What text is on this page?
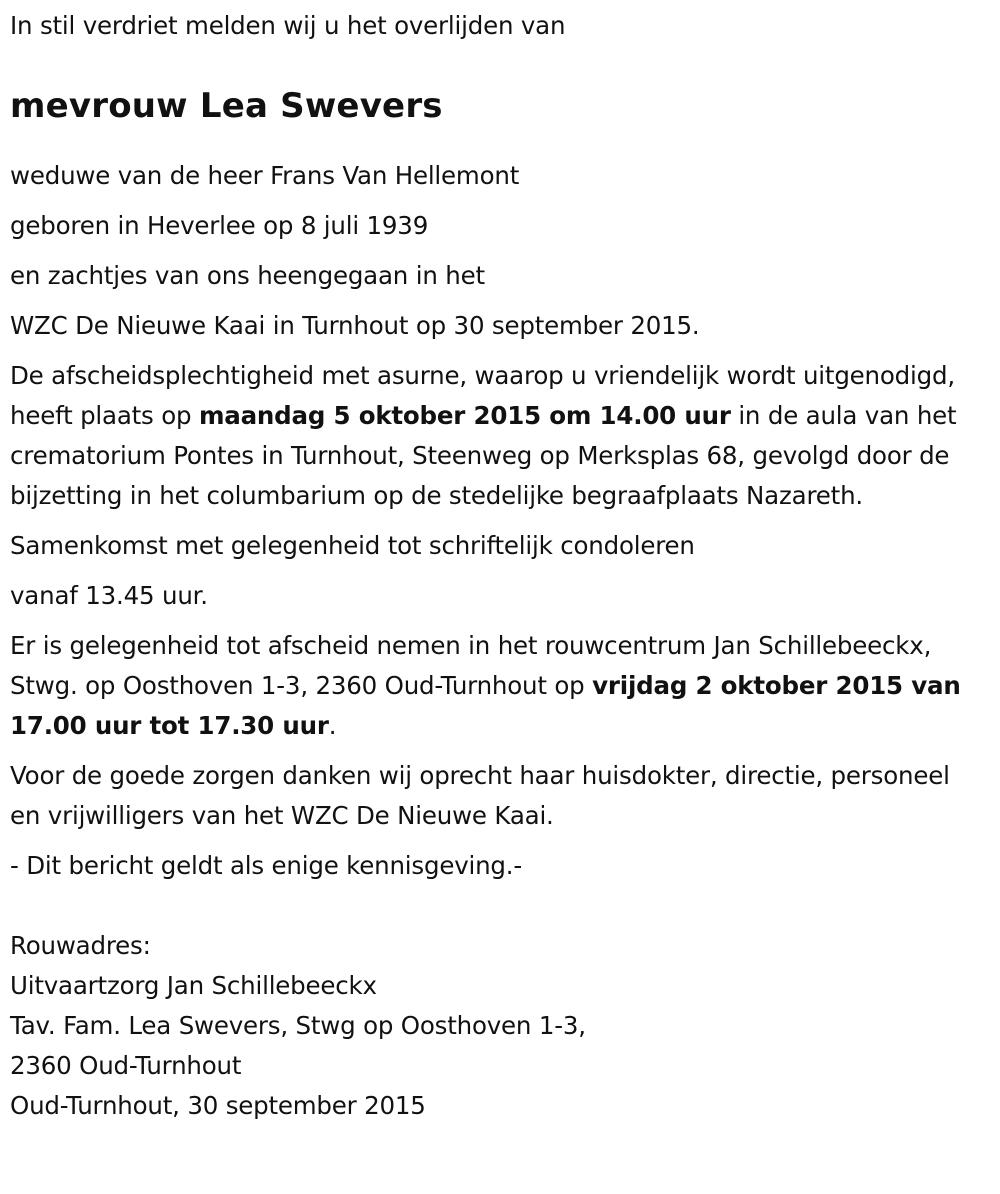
In stil verdriet melden wij u het overlijden van

mevrouw Lea Swevers

weduwe van de heer Frans Van Hellemont

geboren in Heverlee op 8 juli 1939

en zachtjes van ons heengegaan in het

WZC De Nieuwe Kaai in Turnhout op 30 september 2015.

De afscheidsplechtigheid met asurne, waarop u vriendelijk wordt uitgenodigd, heeft plaats op maandag 5 oktober 2015 om 14.00 uur in de aula van het crematorium Pontes in Turnhout, Steenweg op Merksplas 68, gevolgd door de bijzetting in het columbarium op de stedelijke begraafplaats Nazareth.

Samenkomst met gelegenheid tot schriftelijk condoleren

vanaf 13.45 uur.

Er is gelegenheid tot afscheid nemen in het rouwcentrum Jan Schillebeeckx, Stwg. op Oosthoven 1-3, 2360 Oud-Turnhout op vrijdag 2 oktober 2015 van 17.00 uur tot 17.30 uur.

Voor de goede zorgen danken wij oprecht haar huisdokter, directie, personeel en vrijwilligers van het WZC De Nieuwe Kaai.

- Dit bericht geldt als enige kennisgeving.-

Rouwadres:

Uitvaartzorg Jan Schillebeeckx

Tav. Fam. Lea Swevers, Stwg op Oosthoven 1-3,

2360 Oud-Turnhout

Oud-Turnhout, 30 september 2015
